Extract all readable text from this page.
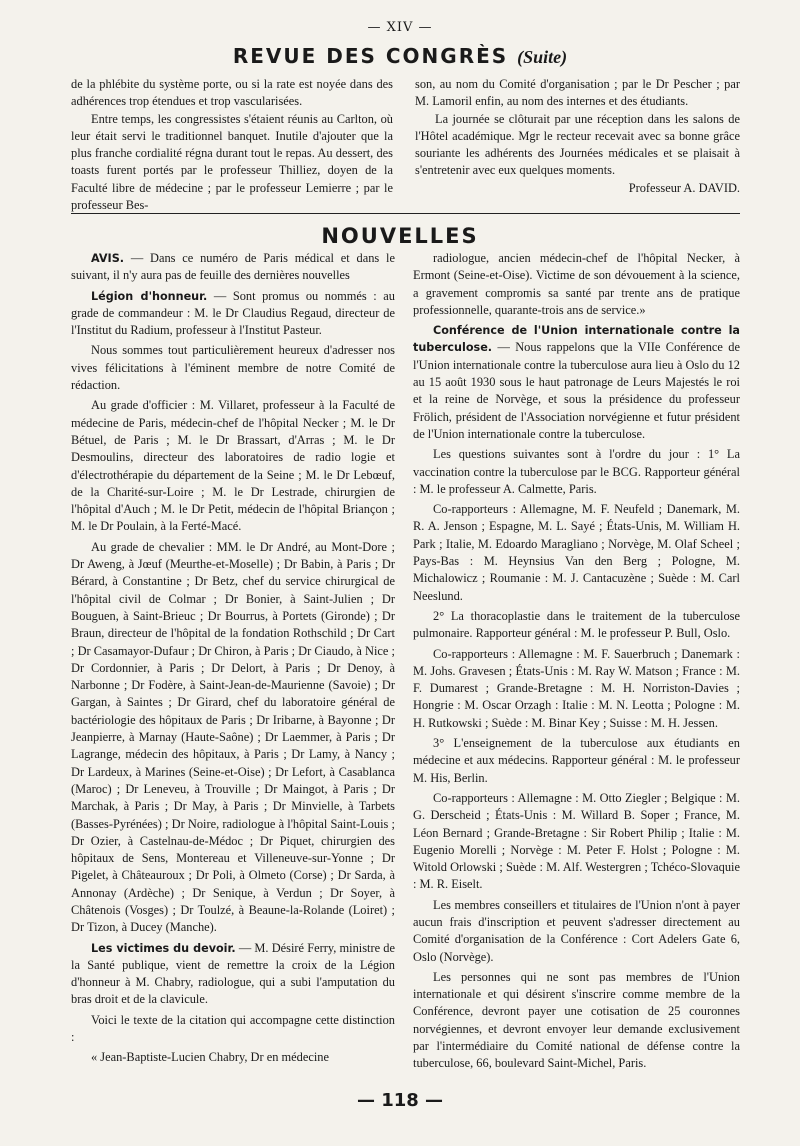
— XIV —
REVUE DES CONGRÈS (Suite)

de la phlébite du système porte, ou si la rate est noyée dans des adhérences trop étendues et trop vascularisées.

Entre temps, les congressistes s'étaient réunis au Carlton, où leur était servi le traditionnel banquet. Inutile d'ajouter que la plus franche cordialité régna durant tout le repas. Au dessert, des toasts furent portés par le professeur Thilliez, doyen de la Faculté libre de médecine ; par le professeur Lemierre ; par le professeur Bes-

son, au nom du Comité d'organisation ; par le Dr Pescher ; par M. Lamoril enfin, au nom des internes et des étudiants.

La journée se clôturait par une réception dans les salons de l'Hôtel académique. Mgr le recteur recevait avec sa bonne grâce souriante les adhérents des Journées médicales et se plaisait à s'entretenir avec eux quelques moments.

Professeur A. DAVID.

NOUVELLES

AVIS. — Dans ce numéro de Paris médical et dans le suivant, il n'y aura pas de feuille des dernières nouvelles

Légion d'honneur. — Sont promus ou nommés : au grade de commandeur : M. le Dr Claudius Regaud, directeur de l'Institut du Radium, professeur à l'Institut Pasteur.

Nous sommes tout particulièrement heureux d'adresser nos vives félicitations à l'éminent membre de notre Comité de rédaction.

Au grade d'officier : M. Villaret, professeur à la Faculté de médecine de Paris, médecin-chef de l'hôpital Necker ; M. le Dr Bétuel, de Paris ; M. le Dr Brassart, d'Arras ; M. le Dr Desmoulins, directeur des laboratoires de radio logie et d'électrothérapie du département de la Seine ; M. le Dr Lebœuf, de la Charité-sur-Loire ; M. le Dr Lestrade, chirurgien de l'hôpital d'Auch ; M. le Dr Petit, médecin de l'hôpital Briançon ; M. le Dr Poulain, à la Ferté-Macé.

Au grade de chevalier : MM. le Dr André, au Mont-Dore ; Dr Aweng, à Jœuf (Meurthe-et-Moselle) ; Dr Babin, à Paris ; Dr Bérard, à Constantine ; Dr Betz, chef du service chirurgical de l'hôpital civil de Colmar ; Dr Bonier, à Saint-Julien ; Dr Bouguen, à Saint-Brieuc ; Dr Bourrus, à Portets (Gironde) ; Dr Braun, directeur de l'hôpital de la fondation Rothschild ; Dr Cart ; Dr Casamayor-Dufaur ; Dr Chiron, à Paris ; Dr Ciaudo, à Nice ; Dr Cordonnier, à Paris ; Dr Delort, à Paris ; Dr Denoy, à Narbonne ; Dr Fodère, à Saint-Jean-de-Maurienne (Savoie) ; Dr Gargan, à Saintes ; Dr Girard, chef du laboratoire général de bactériologie des hôpitaux de Paris ; Dr Iribarne, à Bayonne ; Dr Jeanpierre, à Marnay (Haute-Saône) ; Dr Laemmer, à Paris ; Dr Lagrange, médecin des hôpitaux, à Paris ; Dr Lamy, à Nancy ; Dr Lardeux, à Marines (Seine-et-Oise) ; Dr Lefort, à Casablanca (Maroc) ; Dr Leneveu, à Trouville ; Dr Maingot, à Paris ; Dr Marchak, à Paris ; Dr May, à Paris ; Dr Minvielle, à Tarbets (Basses-Pyrénées) ; Dr Noire, radiologue à l'hôpital Saint-Louis ; Dr Ozier, à Castelnau-de-Médoc ; Dr Piquet, chirurgien des hôpitaux de Sens, Montereau et Villeneuve-sur-Yonne ; Dr Pigelet, à Châteauroux ; Dr Poli, à Olmeto (Corse) ; Dr Sarda, à Annonay (Ardèche) ; Dr Senique, à Verdun ; Dr Soyer, à Châtenois (Vosges) ; Dr Toulzé, à Beaune-la-Rolande (Loiret) ; Dr Tizon, à Ducey (Manche).

Les victimes du devoir. — M. Désiré Ferry, ministre de la Santé publique, vient de remettre la croix de la Légion d'honneur à M. Chabry, radiologue, qui a subi l'amputation du bras droit et de la clavicule.

Voici le texte de la citation qui accompagne cette distinction :

« Jean-Baptiste-Lucien Chabry, Dr en médecine

radiologue, ancien médecin-chef de l'hôpital Necker, à Ermont (Seine-et-Oise). Victime de son dévouement à la science, a gravement compromis sa santé par trente ans de pratique professionnelle, quarante-trois ans de service.»

Conférence de l'Union internationale contre la tuberculose. — Nous rappelons que la VIIe Conférence de l'Union internationale contre la tuberculose aura lieu à Oslo du 12 au 15 août 1930 sous le haut patronage de Leurs Majestés le roi et la reine de Norvège, et sous la présidence du professeur Frölich, président de l'Association norvégienne et futur président de l'Union internationale contre la tuberculose.

Les questions suivantes sont à l'ordre du jour : 1° La vaccination contre la tuberculose par le BCG. Rapporteur général : M. le professeur A. Calmette, Paris.

Co-rapporteurs : Allemagne, M. F. Neufeld ; Danemark, M. R. A. Jenson ; Espagne, M. L. Sayé ; États-Unis, M. William H. Park ; Italie, M. Edoardo Maragliano ; Norvège, M. Olaf Scheel ; Pays-Bas : M. Heynsius Van den Berg ; Pologne, M. Michalowicz ; Roumanie : M. J. Cantacuzène ; Suède : M. Carl Neeslund.

2° La thoracoplastie dans le traitement de la tuberculose pulmonaire. Rapporteur général : M. le professeur P. Bull, Oslo.

Co-rapporteurs : Allemagne : M. F. Sauerbruch ; Danemark : M. Johs. Gravesen ; États-Unis : M. Ray W. Matson ; France : M. F. Dumarest ; Grande-Bretagne : M. H. Norriston-Davies ; Hongrie : M. Oscar Orzagh : Italie : M. N. Leotta ; Pologne : M. H. Rutkowski ; Suède : M. Binar Key ; Suisse : M. H. Jessen.

3° L'enseignement de la tuberculose aux étudiants en médecine et aux médecins. Rapporteur général : M. le professeur M. His, Berlin.

Co-rapporteurs : Allemagne : M. Otto Ziegler ; Belgique : M. G. Derscheid ; États-Unis : M. Willard B. Soper ; France, M. Léon Bernard ; Grande-Bretagne : Sir Robert Philip ; Italie : M. Eugenio Morelli ; Norvège : M. Peter F. Holst ; Pologne : M. Witold Orlowski ; Suède : M. Alf. Westergren ; Tchéco-Slovaquie : M. R. Eiselt.

Les membres conseillers et titulaires de l'Union n'ont à payer aucun frais d'inscription et peuvent s'adresser directement au Comité d'organisation de la Conférence : Cort Adelers Gate 6, Oslo (Norvège).

Les personnes qui ne sont pas membres de l'Union internationale et qui désirent s'inscrire comme membre de la Conférence, devront payer une cotisation de 25 couronnes norvégiennes, et devront envoyer leur demande exclusivement par l'intermédiaire du Comité national de défense contre la tuberculose, 66, boulevard Saint-Michel, Paris.

— 118 —
